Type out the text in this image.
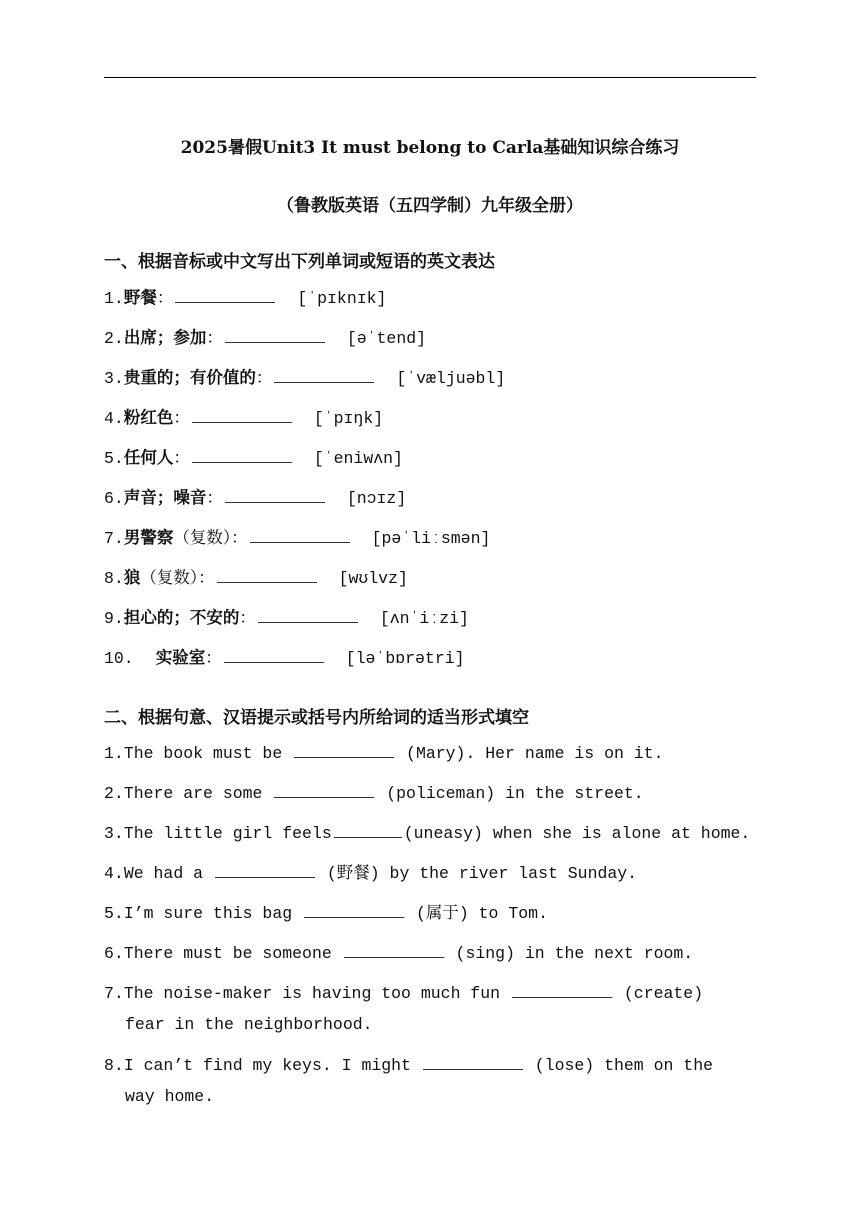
2025暑假Unit3 It must belong to Carla基础知识综合练习
（鲁教版英语（五四学制）九年级全册）
一、根据音标或中文写出下列单词或短语的英文表达
1.野餐：	[ˈpɪknɪk]
2.出席；参加：	[əˈtend]
3.贵重的；有价值的：	[ˈvæljuəbl]
4.粉红色：	[ˈpɪŋk]
5.任何人：	[ˈeniwʌn]
6.声音；噪音：	[nɔɪz]
7.男警察（复数）：	[pəˈliːsmən]
8.狼（复数）：	[wʊlvz]
9.担心的；不安的：	[ʌnˈiːzi]
10. 实验室：	[ləˈbɒrətri]
二、根据句意、汉语提示或括号内所给词的适当形式填空
1.The book must be	(Mary). Her name is on it.
2.There are some	(policeman) in the street.
3.The little girl feels	(uneasy) when she is alone at home.
4.We had a	(野餐) by the river last Sunday.
5.I’m sure this bag	(属于) to Tom.
6.There must be someone	(sing) in the next room.
7.The noise-maker is having too much fun	(create)
fear in the neighborhood.
8.I can’t find my keys. I might	(lose) them on the
way home.
